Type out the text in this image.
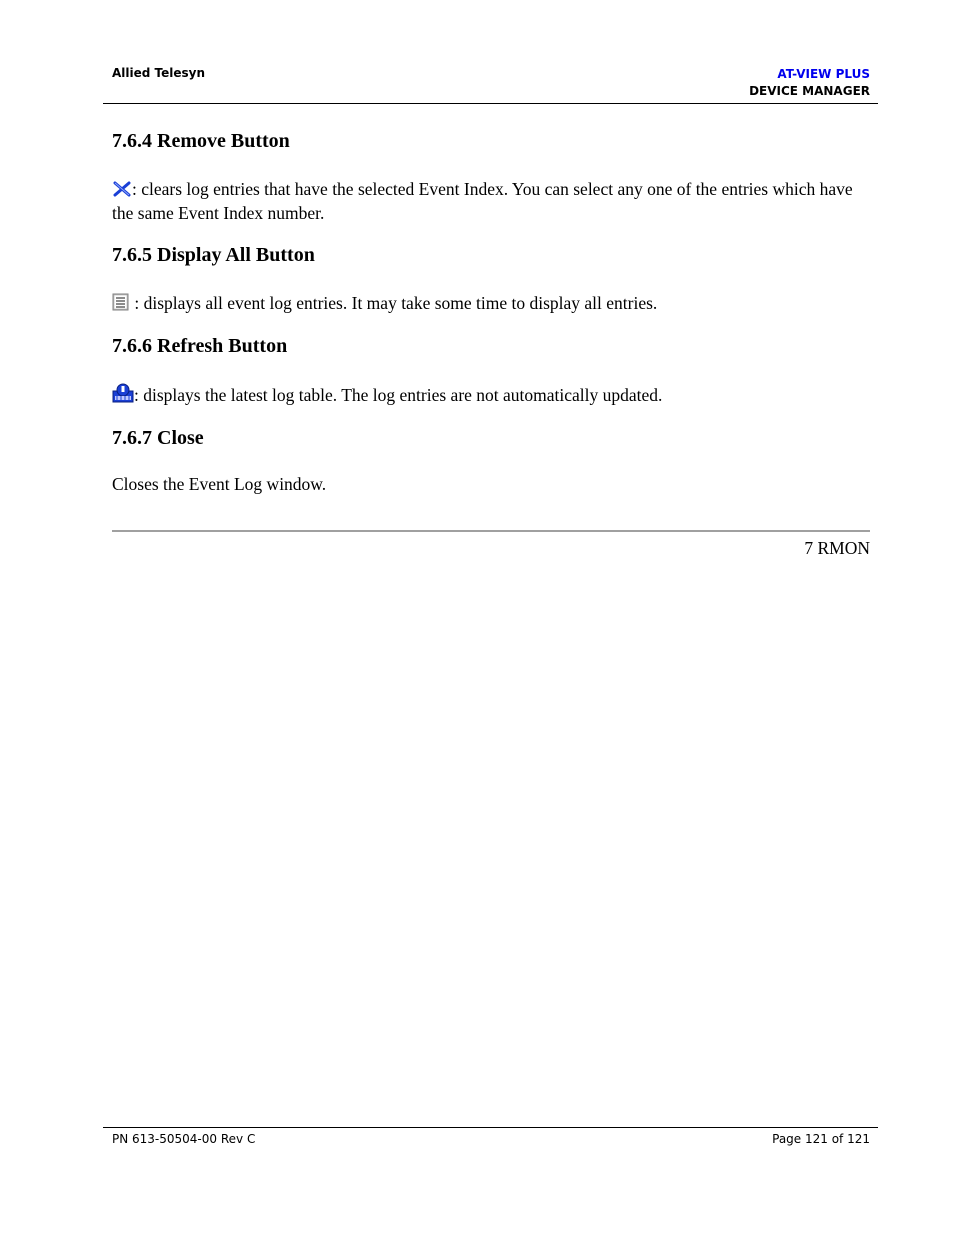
Allied Telesyn	AT-VIEW PLUS
DEVICE MANAGER
7.6.4 Remove Button

: clears log entries that have the selected Event Index. You can select any one of the entries which have the same Event Index number.

7.6.5 Display All Button

: displays all event log entries. It may take some time to display all entries.

7.6.6 Refresh Button

: displays the latest log table. The log entries are not automatically updated.

7.6.7 Close

Closes the Event Log window.

7 RMON
PN 613-50504-00 Rev C	Page 121 of 121
